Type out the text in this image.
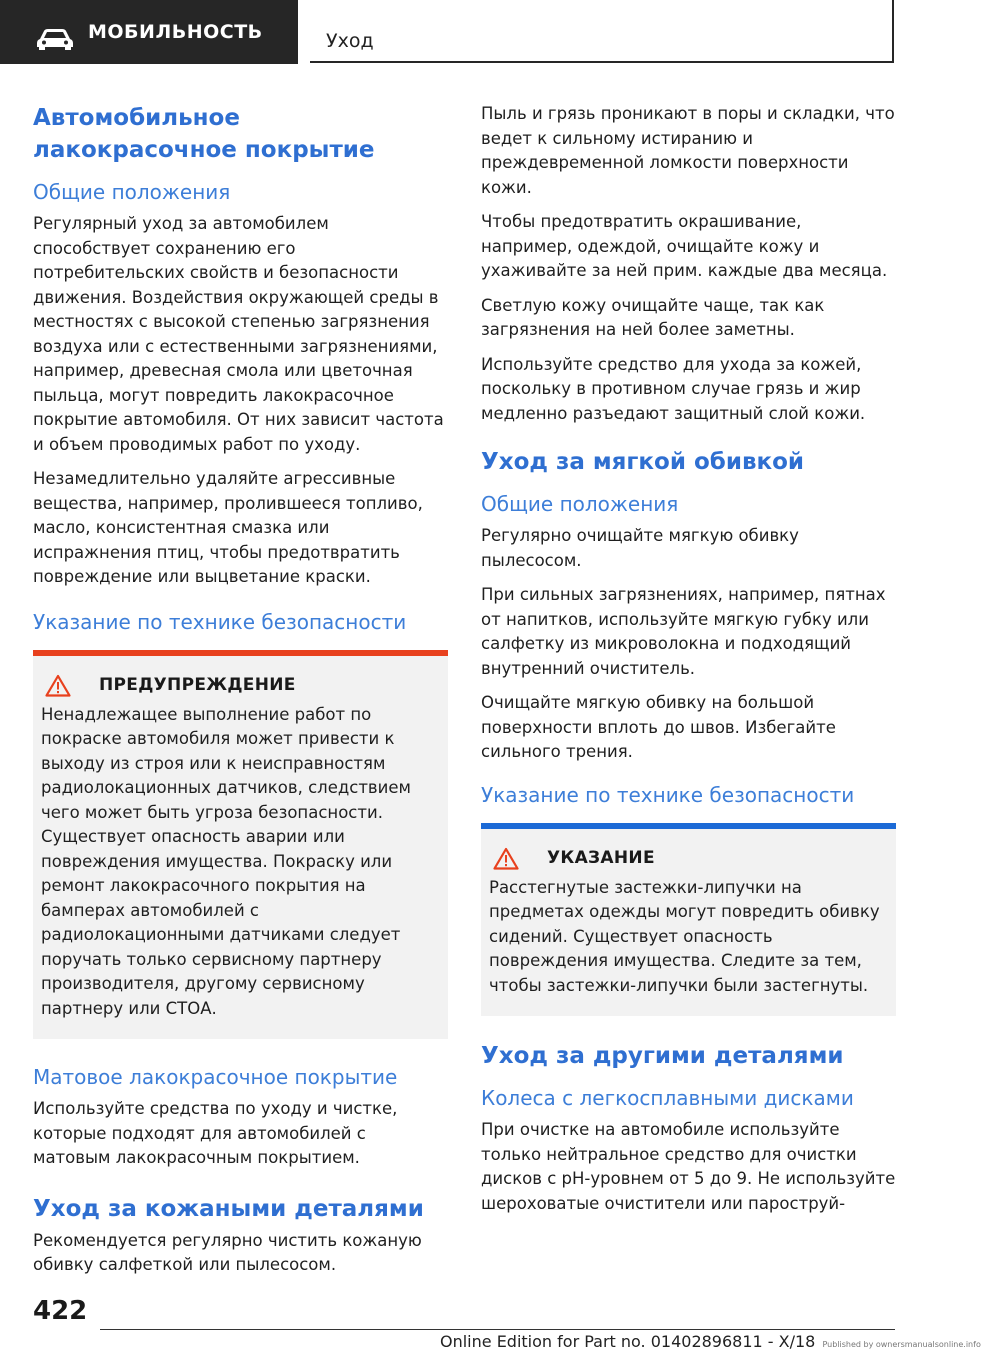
МОБИЛЬНОСТЬ	Уход
Автомобильное лакокрасочное покрытие
Общие положения

Регулярный уход за автомобилем способствует сохранению его потребительских свойств и безопасности движения. Воздействия окружающей среды в местностях с высокой степенью загрязнения воздуха или с естественными загрязнениями, например, древесная смола или цветочная пыльца, могут повредить лакокрасочное покрытие автомобиля. От них зависит частота и объем проводимых работ по уходу.

Незамедлительно удаляйте агрессивные вещества, например, пролившееся топливо, масло, консистентная смазка или испражнения птиц, чтобы предотвратить повреждение или выцветание краски.

Указание по технике безопасности
ПРЕДУПРЕЖДЕНИЕ

Ненадлежащее выполнение работ по покраске автомобиля может привести к выходу из строя или к неисправностям радиолокационных датчиков, следствием чего может быть угроза безопасности. Существует опасность аварии или повреждения имущества. Покраску или ремонт лакокрасочного покрытия на бамперах автомобилей с радиолокационными датчиками следует поручать только сервисному партнеру производителя, другому сервисному партнеру или СТОА.

Матовое лакокрасочное покрытие

Используйте средства по уходу и чистке, которые подходят для автомобилей с матовым лакокрасочным покрытием.

Уход за кожаными деталями

Рекомендуется регулярно чистить кожаную обивку салфеткой или пылесосом.

Пыль и грязь проникают в поры и складки, что ведет к сильному истиранию и преждевременной ломкости поверхности кожи.

Чтобы предотвратить окрашивание, например, одеждой, очищайте кожу и ухаживайте за ней прим. каждые два месяца.

Светлую кожу очищайте чаще, так как загрязнения на ней более заметны.

Используйте средство для ухода за кожей, поскольку в противном случае грязь и жир медленно разъедают защитный слой кожи.

Уход за мягкой обивкой
Общие положения

Регулярно очищайте мягкую обивку пылесосом.

При сильных загрязнениях, например, пятнах от напитков, используйте мягкую губку или салфетку из микроволокна и подходящий внутренний очиститель.

Очищайте мягкую обивку на большой поверхности вплоть до швов. Избегайте сильного трения.

Указание по технике безопасности
УКАЗАНИЕ

Расстегнутые застежки-липучки на предметах одежды могут повредить обивку сидений. Существует опасность повреждения имущества. Следите за тем, чтобы застежки-липучки были застегнуты.

Уход за другими деталями
Колеса с легкосплавными дисками

При очистке на автомобиле используйте только нейтральное средство для очистки дисков с pH-уровнем от 5 до 9. Не используйте шероховатые очистители или пароструй-

422
Online Edition for Part no. 01402896811 - X/18 Published by ownersmanualsonline.info
